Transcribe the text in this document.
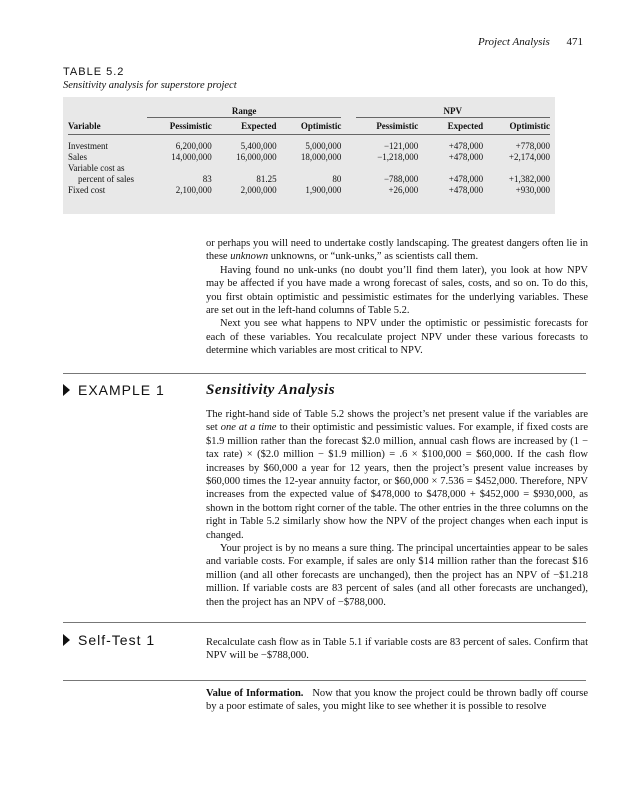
Project Analysis 471
TABLE 5.2
Sensitivity analysis for superstore project
	Range				NPV		
Variable	Pessimistic	Expected	Optimistic		Pessimistic	Expected	Optimistic

Investment	6,200,000	5,400,000	5,000,000		−121,000	+478,000	+778,000
Sales	14,000,000	16,000,000	18,000,000		−1,218,000	+478,000	+2,174,000

Variable cost as
percent of sales	83	81.25	80		−788,000	+478,000	+1,382,000
Fixed cost	2,100,000	2,000,000	1,900,000		+26,000	+478,000	+930,000

or perhaps you will need to undertake costly landscaping. The greatest dangers often lie in these unknown unknowns, or “unk-unks,” as scientists call them.

Having found no unk-unks (no doubt you’ll find them later), you look at how NPV may be affected if you have made a wrong forecast of sales, costs, and so on. To do this, you first obtain optimistic and pessimistic estimates for the underlying variables. These are set out in the left-hand columns of Table 5.2.

Next you see what happens to NPV under the optimistic or pessimistic forecasts for each of these variables. You recalculate project NPV under these various forecasts to determine which variables are most critical to NPV.

EXAMPLE 1	Sensitivity Analysis

The right-hand side of Table 5.2 shows the project’s net present value if the variables are set one at a time to their optimistic and pessimistic values. For example, if fixed costs are $1.9 million rather than the forecast $2.0 million, annual cash flows are increased by (1 − tax rate) × ($2.0 million − $1.9 million) = .6 × $100,000 = $60,000. If the cash flow increases by $60,000 a year for 12 years, then the project’s present value increases by $60,000 times the 12-year annuity factor, or $60,000 × 7.536 = $452,000. Therefore, NPV increases from the expected value of $478,000 to $478,000 + $452,000 = $930,000, as shown in the bottom right corner of the table. The other entries in the three columns on the right in Table 5.2 similarly show how the NPV of the project changes when each input is changed.

Your project is by no means a sure thing. The principal uncertainties appear to be sales and variable costs. For example, if sales are only $14 million rather than the forecast $16 million (and all other forecasts are unchanged), then the project has an NPV of −$1.218 million. If variable costs are 83 percent of sales (and all other forecasts are unchanged), then the project has an NPV of −$788,000.

Self-Test 1	Recalculate cash flow as in Table 5.1 if variable costs are 83 percent of sales. Confirm that NPV will be −$788,000.

Value of Information. Now that you know the project could be thrown badly off course by a poor estimate of sales, you might like to see whether it is possible to resolve
